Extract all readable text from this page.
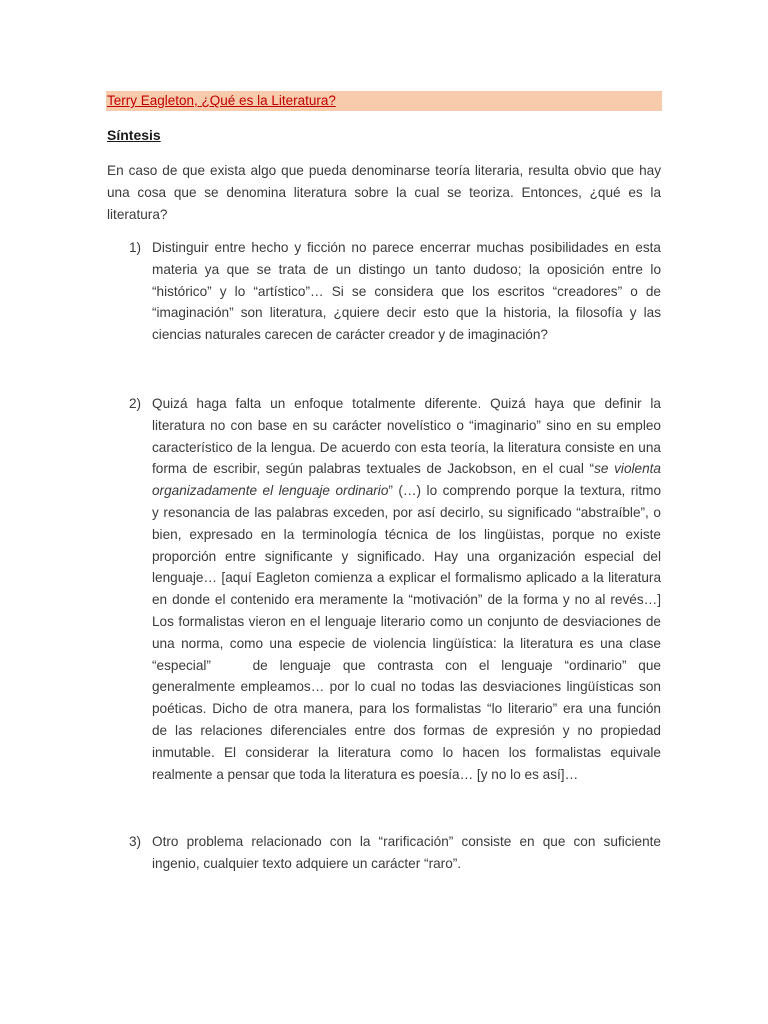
Terry Eagleton, ¿Qué es la Literatura?
Síntesis
En caso de que exista algo que pueda denominarse teoría literaria, resulta obvio que hay
una cosa que se denomina literatura sobre la cual se teoriza. Entonces, ¿qué es la
literatura?
1) Distinguir entre hecho y ficción no parece encerrar muchas posibilidades en esta
materia ya que se trata de un distingo un tanto dudoso; la oposición entre lo
“histórico” y lo “artístico”… Si se considera que los escritos “creadores” o de
“imaginación” son literatura, ¿quiere decir esto que la historia, la filosofía y las
ciencias naturales carecen de carácter creador y de imaginación?
2) Quizá haga falta un enfoque totalmente diferente. Quizá haya que definir la
literatura no con base en su carácter novelístico o “imaginario” sino en su empleo
característico de la lengua. De acuerdo con esta teoría, la literatura consiste en una
forma de escribir, según palabras textuales de Jackobson, en el cual “se violenta
organizadamente el lenguaje ordinario” (…) lo comprendo porque la textura, ritmo
y resonancia de las palabras exceden, por así decirlo, su significado “abstraíble”, o
bien, expresado en la terminología técnica de los lingüistas, porque no existe
proporción entre significante y significado. Hay una organización especial del
lenguaje… [aquí Eagleton comienza a explicar el formalismo aplicado a la literatura
en donde el contenido era meramente la “motivación” de la forma y no al revés…]
Los formalistas vieron en el lenguaje literario como un conjunto de desviaciones de
una norma, como una especie de violencia lingüística: la literatura es una clase
“especial”	de lenguaje que contrasta con el lenguaje “ordinario” que
generalmente empleamos… por lo cual no todas las desviaciones lingüísticas son
poéticas. Dicho de otra manera, para los formalistas “lo literario” era una función
de las relaciones diferenciales entre dos formas de expresión y no propiedad
inmutable. El considerar la literatura como lo hacen los formalistas equivale
realmente a pensar que toda la literatura es poesía… [y no lo es así]…
3) Otro problema relacionado con la “rarificación” consiste en que con suficiente
ingenio, cualquier texto adquiere un carácter “raro”.
